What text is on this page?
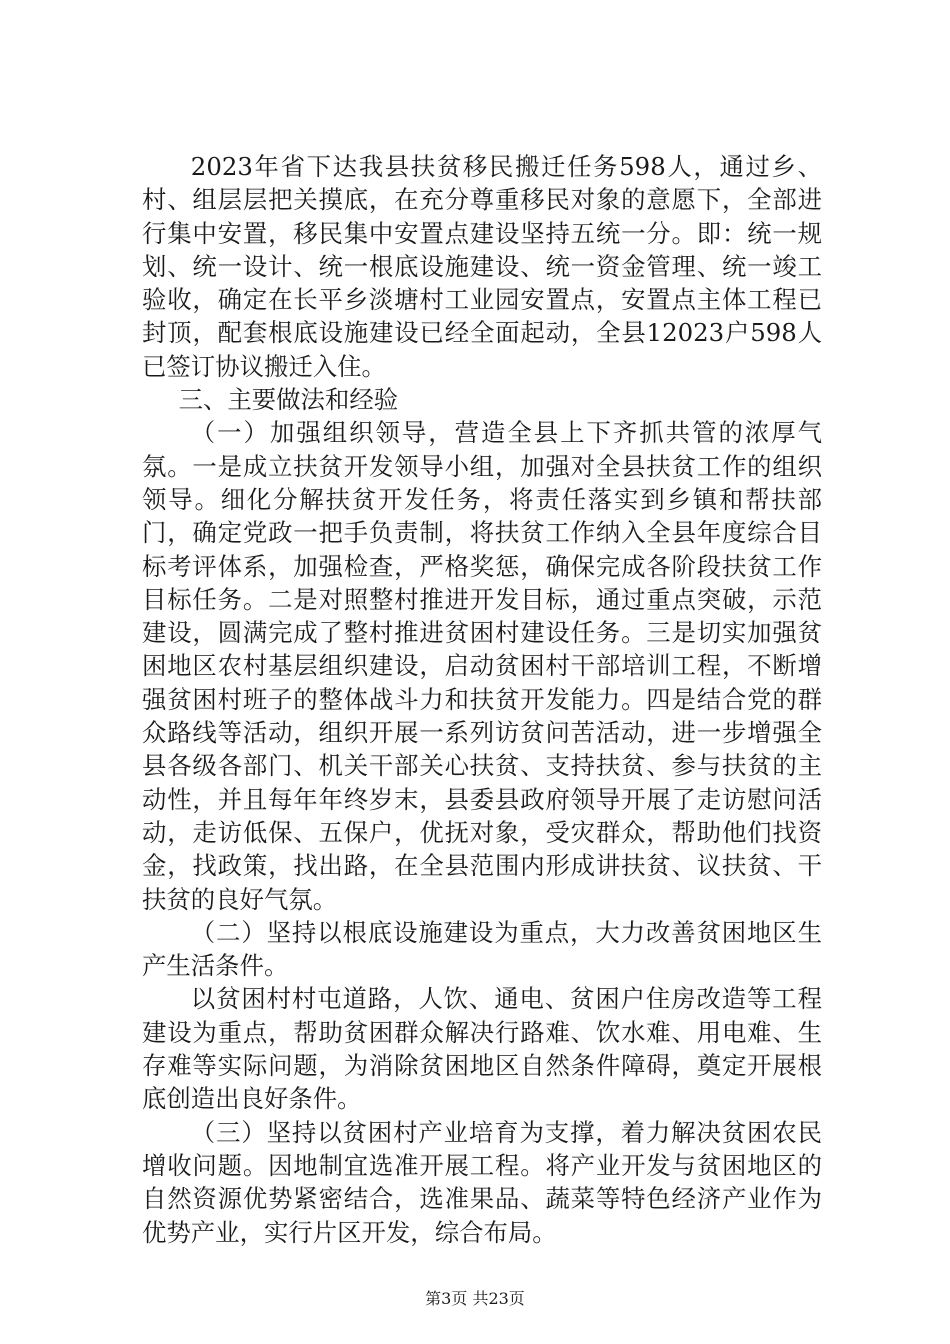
2023年省下达我县扶贫移民搬迁任务598人，通过乡、村、组层层把关摸底，在充分尊重移民对象的意愿下，全部进行集中安置，移民集中安置点建设坚持五统一分。即：统一规划、统一设计、统一根底设施建设、统一资金管理、统一竣工验收，确定在长平乡淡塘村工业园安置点，安置点主体工程已封顶，配套根底设施建设已经全面起动，全县12023户598人已签订协议搬迁入住。

三、主要做法和经验

（一）加强组织领导，营造全县上下齐抓共管的浓厚气氛。一是成立扶贫开发领导小组，加强对全县扶贫工作的组织领导。细化分解扶贫开发任务，将责任落实到乡镇和帮扶部门，确定党政一把手负责制，将扶贫工作纳入全县年度综合目标考评体系，加强检查，严格奖惩，确保完成各阶段扶贫工作目标任务。二是对照整村推进开发目标，通过重点突破，示范建设，圆满完成了整村推进贫困村建设任务。三是切实加强贫困地区农村基层组织建设，启动贫困村干部培训工程，不断增强贫困村班子的整体战斗力和扶贫开发能力。四是结合党的群众路线等活动，组织开展一系列访贫问苦活动，进一步增强全县各级各部门、机关干部关心扶贫、支持扶贫、参与扶贫的主动性，并且每年年终岁末，县委县政府领导开展了走访慰问活动，走访低保、五保户，优抚对象，受灾群众，帮助他们找资金，找政策，找出路，在全县范围内形成讲扶贫、议扶贫、干扶贫的良好气氛。

（二）坚持以根底设施建设为重点，大力改善贫困地区生产生活条件。

以贫困村村屯道路，人饮、通电、贫困户住房改造等工程建设为重点，帮助贫困群众解决行路难、饮水难、用电难、生存难等实际问题，为消除贫困地区自然条件障碍，奠定开展根底创造出良好条件。

（三）坚持以贫困村产业培育为支撑，着力解决贫困农民增收问题。因地制宜选准开展工程。将产业开发与贫困地区的自然资源优势紧密结合，选准果品、蔬菜等特色经济产业作为优势产业，实行片区开发，综合布局。

第3页 共23页
